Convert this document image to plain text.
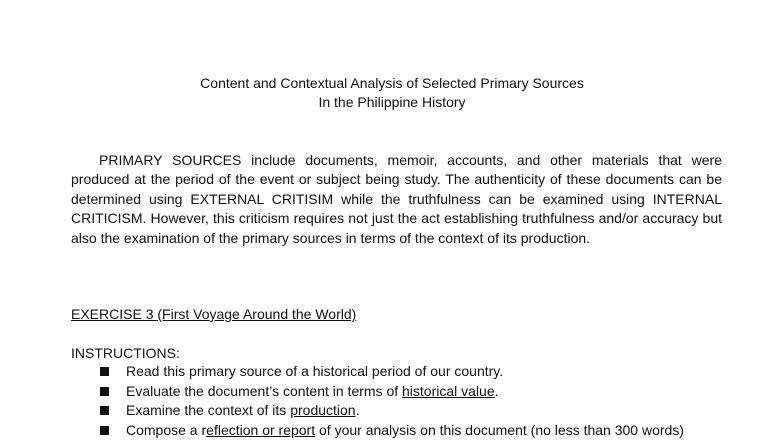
Content and Contextual Analysis of Selected Primary Sources
In the Philippine History

PRIMARY SOURCES include documents, memoir, accounts, and other materials that were produced at the period of the event or subject being study. The authenticity of these documents can be determined using EXTERNAL CRITISIM while the truthfulness can be examined using INTERNAL CRITICISM. However, this criticism requires not just the act establishing truthfulness and/or accuracy but also the examination of the primary sources in terms of the context of its production.

EXERCISE 3 (First Voyage Around the World)
INSTRUCTIONS:
Read this primary source of a historical period of our country.
Evaluate the document’s content in terms of historical value.
Examine the context of its production.
Compose a reflection or report of your analysis on this document (no less than 300 words)
